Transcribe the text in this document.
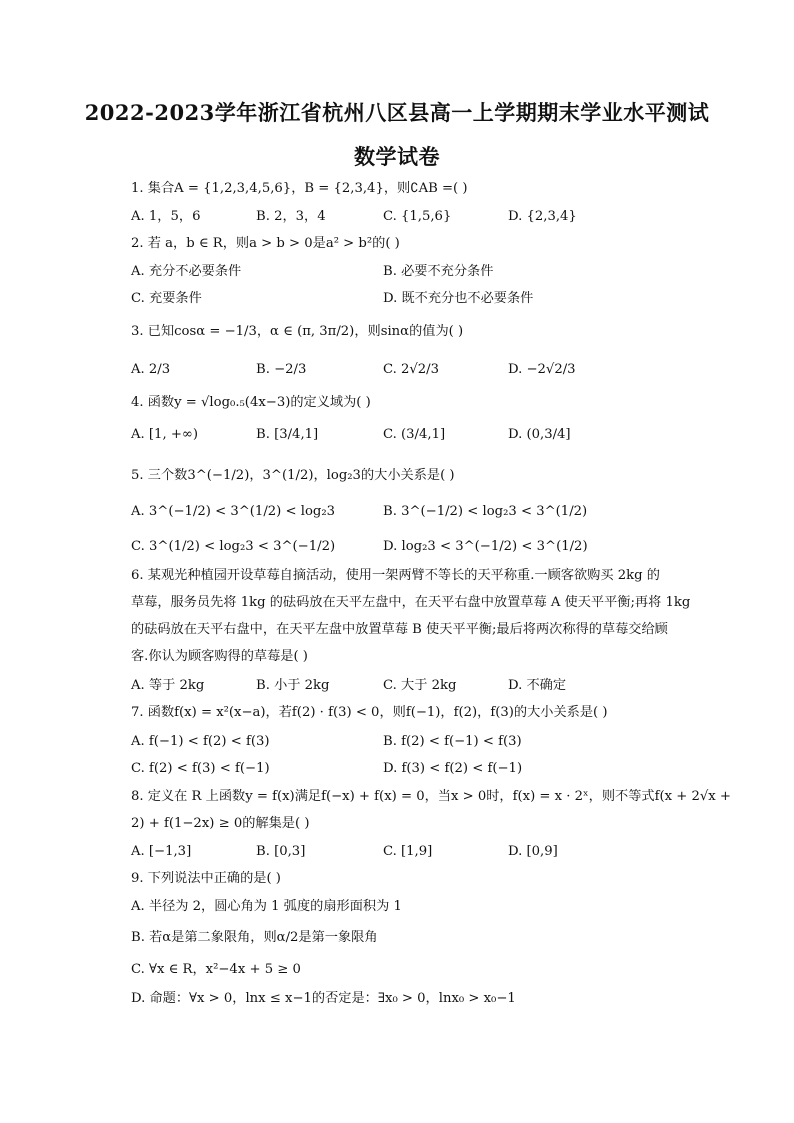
2022-2023学年浙江省杭州八区县高一上学期期末学业水平测试
数学试卷
1. 集合A = {1,2,3,4,5,6}，B = {2,3,4}，则∁AB =( )
A. 1，5，6	B. 2，3，4	C. {1,5,6}	D. {2,3,4}
2. 若 a，b ∈ R，则a > b > 0是a² > b²的( )
A. 充分不必要条件	B. 必要不充分条件
C. 充要条件	D. 既不充分也不必要条件
3. 已知cosα = −1/3，α ∈ (π, 3π/2)，则sinα的值为( )
A. 2/3	B. −2/3	C. 2√2/3	D. −2√2/3
4. 函数y = √log₀.₅(4x−3)的定义域为( )
A. [1, +∞)	B. [3/4,1]	C. (3/4,1]	D. (0,3/4]
5. 三个数3^(−1/2)，3^(1/2)，log₂3的大小关系是( )
A. 3^(−1/2) < 3^(1/2) < log₂3	B. 3^(−1/2) < log₂3 < 3^(1/2)
C. 3^(1/2) < log₂3 < 3^(−1/2)	D. log₂3 < 3^(−1/2) < 3^(1/2)
6. 某观光种植园开设草莓自摘活动，使用一架两臂不等长的天平称重.一顾客欲购买 2kg 的
草莓，服务员先将 1kg 的砝码放在天平左盘中，在天平右盘中放置草莓 A 使天平平衡;再将 1kg
的砝码放在天平右盘中，在天平左盘中放置草莓 B 使天平平衡;最后将两次称得的草莓交给顾
客.你认为顾客购得的草莓是( )
A. 等于 2kg	B. 小于 2kg	C. 大于 2kg	D. 不确定
7. 函数f(x) = x²(x−a)，若f(2) · f(3) < 0，则f(−1)，f(2)，f(3)的大小关系是( )
A. f(−1) < f(2) < f(3)	B. f(2) < f(−1) < f(3)
C. f(2) < f(3) < f(−1)	D. f(3) < f(2) < f(−1)
8. 定义在 R 上函数y = f(x)满足f(−x) + f(x) = 0，当x > 0时，f(x) = x · 2ˣ，则不等式f(x + 2√x +
2) + f(1−2x) ≥ 0的解集是( )
A. [−1,3]	B. [0,3]	C. [1,9]	D. [0,9]
9. 下列说法中正确的是( )
A. 半径为 2，圆心角为 1 弧度的扇形面积为 1
B. 若α是第二象限角，则α/2是第一象限角
C. ∀x ∈ R，x²−4x + 5 ≥ 0
D. 命题：∀x > 0，lnx ≤ x−1的否定是：∃x₀ > 0，lnx₀ > x₀−1
